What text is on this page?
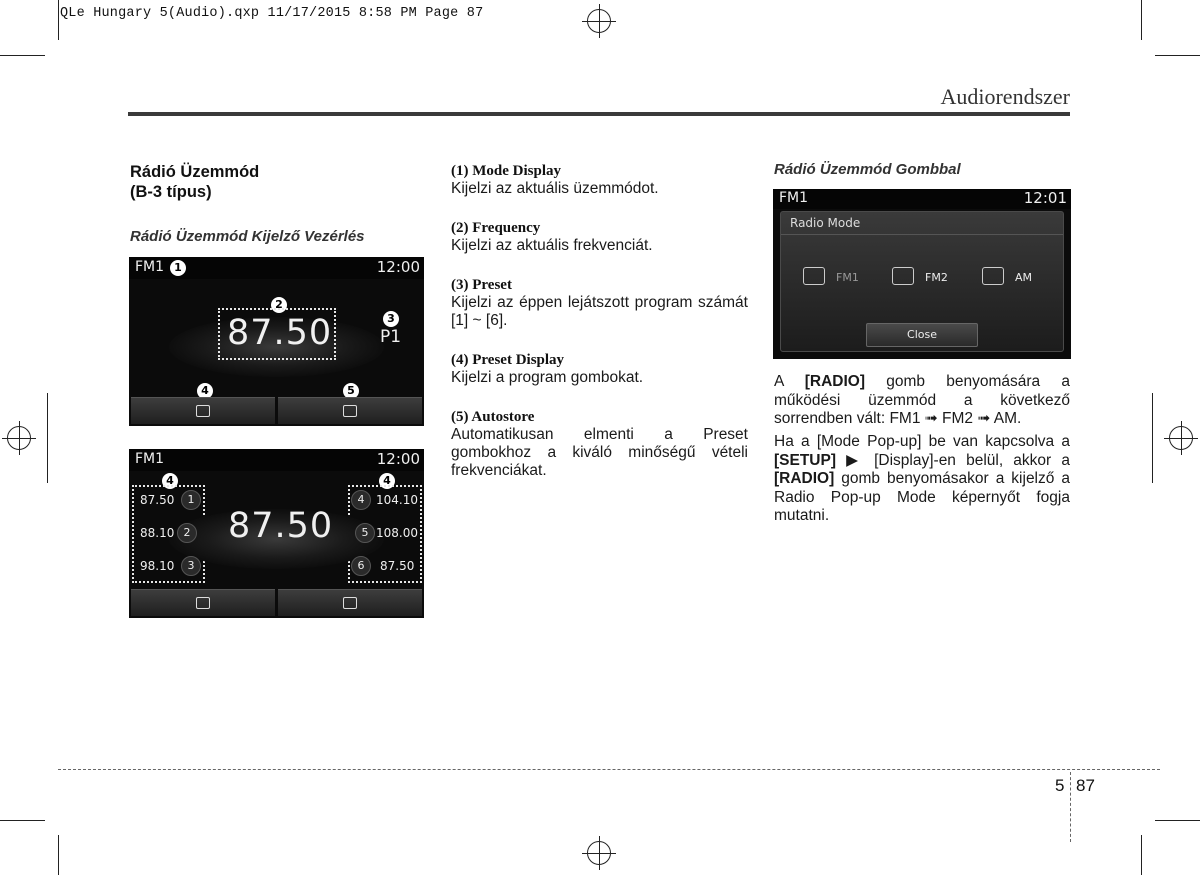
QLe Hungary 5(Audio).qxp 11/17/2015 8:58 PM Page 87
Audiorendszer
Rádió Üzemmód
(B-3 típus)
Rádió Üzemmód Kijelző Vezérlés
FM1 1	12:00
2
87.50	3
P1
4	5
FM1	12:00
4	4
87.50	1
88.10 2
98.10	3
4 104.10
5 108.00
6	87.50
87.50
(1) Mode Display
Kijelzi az aktuális üzemmódot.
(2) Frequency
Kijelzi az aktuális frekvenciát.
(3) Preset
Kijelzi az éppen lejátszott program számát [1] ~ [6].
(4) Preset Display
Kijelzi a program gombokat.
(5) Autostore
Automatikusan elmenti a Preset gombokhoz a kiváló minőségű vételi frekvenciákat.
Rádió Üzemmód Gombbal
FM1	12:01
Radio Mode
FM1	FM2	AM
Close
A [RADIO] gomb benyomására a működési üzemmód a következő sorrendben vált: FM1 ➟ FM2 ➟ AM.
Ha a [Mode Pop-up] be van kapcsolva a [SETUP] ▶ [Display]-en belül, akkor a [RADIO] gomb benyomásakor a kijelző a Radio Pop-up Mode képernyőt fogja mutatni.
5 87
